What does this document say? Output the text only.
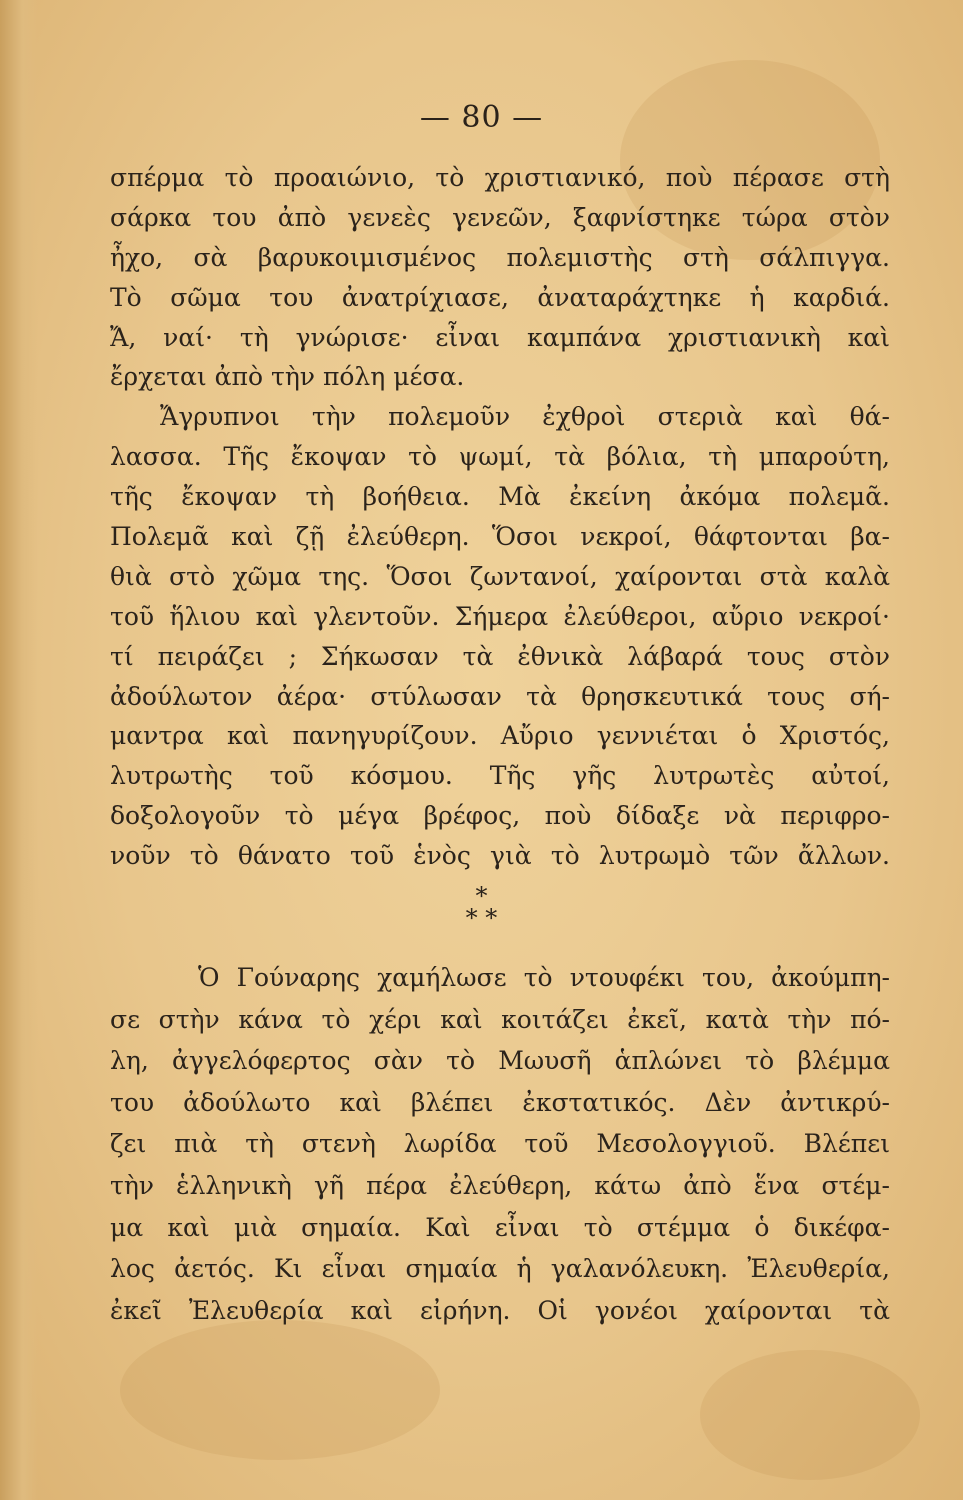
— 80 —
σπέρμα τὸ προαιώνιο, τὸ χριστιανικό, ποὺ πέρασε στὴ
σάρκα του ἀπὸ γενεὲς γενεῶν, ξαφνίστηκε τώρα στὸν
ἦχο, σὰ βαρυκοιμισμένος πολεμιστὴς στὴ σάλπιγγα.
Τὸ σῶμα του ἀνατρίχιασε, ἀναταράχτηκε ἡ καρδιά.
Ἄ, ναί· τὴ γνώρισε· εἶναι καμπάνα χριστιανικὴ καὶ
ἔρχεται ἀπὸ τὴν πόλη μέσα.
Ἄγρυπνοι τὴν πολεμοῦν ἐχθροὶ στεριὰ καὶ θά-
λασσα. Τῆς ἔκοψαν τὸ ψωμί, τὰ βόλια, τὴ μπαρούτη,
τῆς ἔκοψαν τὴ βοήθεια. Μὰ ἐκείνη ἀκόμα πολεμᾶ.
Πολεμᾶ καὶ ζῇ ἐλεύθερη. Ὅσοι νεκροί, θάφτονται βα-
θιὰ στὸ χῶμα της. Ὅσοι ζωντανοί, χαίρονται στὰ καλὰ
τοῦ ἥλιου καὶ γλεντοῦν. Σήμερα ἐλεύθεροι, αὔριο νεκροί·
τί πειράζει ; Σήκωσαν τὰ ἐθνικὰ λάβαρά τους στὸν
ἀδούλωτον ἀέρα· στύλωσαν τὰ θρησκευτικά τους σή-
μαντρα καὶ πανηγυρίζουν. Αὔριο γεννιέται ὁ Χριστός,
λυτρωτὴς τοῦ κόσμου. Τῆς γῆς λυτρωτὲς αὐτοί,
δοξολογοῦν τὸ μέγα βρέφος, ποὺ δίδαξε νὰ περιφρο-
νοῦν τὸ θάνατο τοῦ ἑνὸς γιὰ τὸ λυτρωμὸ τῶν ἄλλων.
*
* *
Ὁ Γούναρης χαμήλωσε τὸ ντουφέκι του, ἀκούμπη-
σε στὴν κάνα τὸ χέρι καὶ κοιτάζει ἐκεῖ, κατὰ τὴν πό-
λη, ἀγγελόφερτος σὰν τὸ Μωυσῆ ἁπλώνει τὸ βλέμμα
του ἀδούλωτο καὶ βλέπει ἐκστατικός. Δὲν ἀντικρύ-
ζει πιὰ τὴ στενὴ λωρίδα τοῦ Μεσολογγιοῦ. Βλέπει
τὴν ἑλληνικὴ γῆ πέρα ἐλεύθερη, κάτω ἀπὸ ἕνα στέμ-
μα καὶ μιὰ σημαία. Καὶ εἶναι τὸ στέμμα ὁ δικέφα-
λος ἀετός. Κι εἶναι σημαία ἡ γαλανόλευκη. Ἐλευθερία,
ἐκεῖ Ἐλευθερία καὶ εἰρήνη. Οἱ γονέοι χαίρονται τὰ
